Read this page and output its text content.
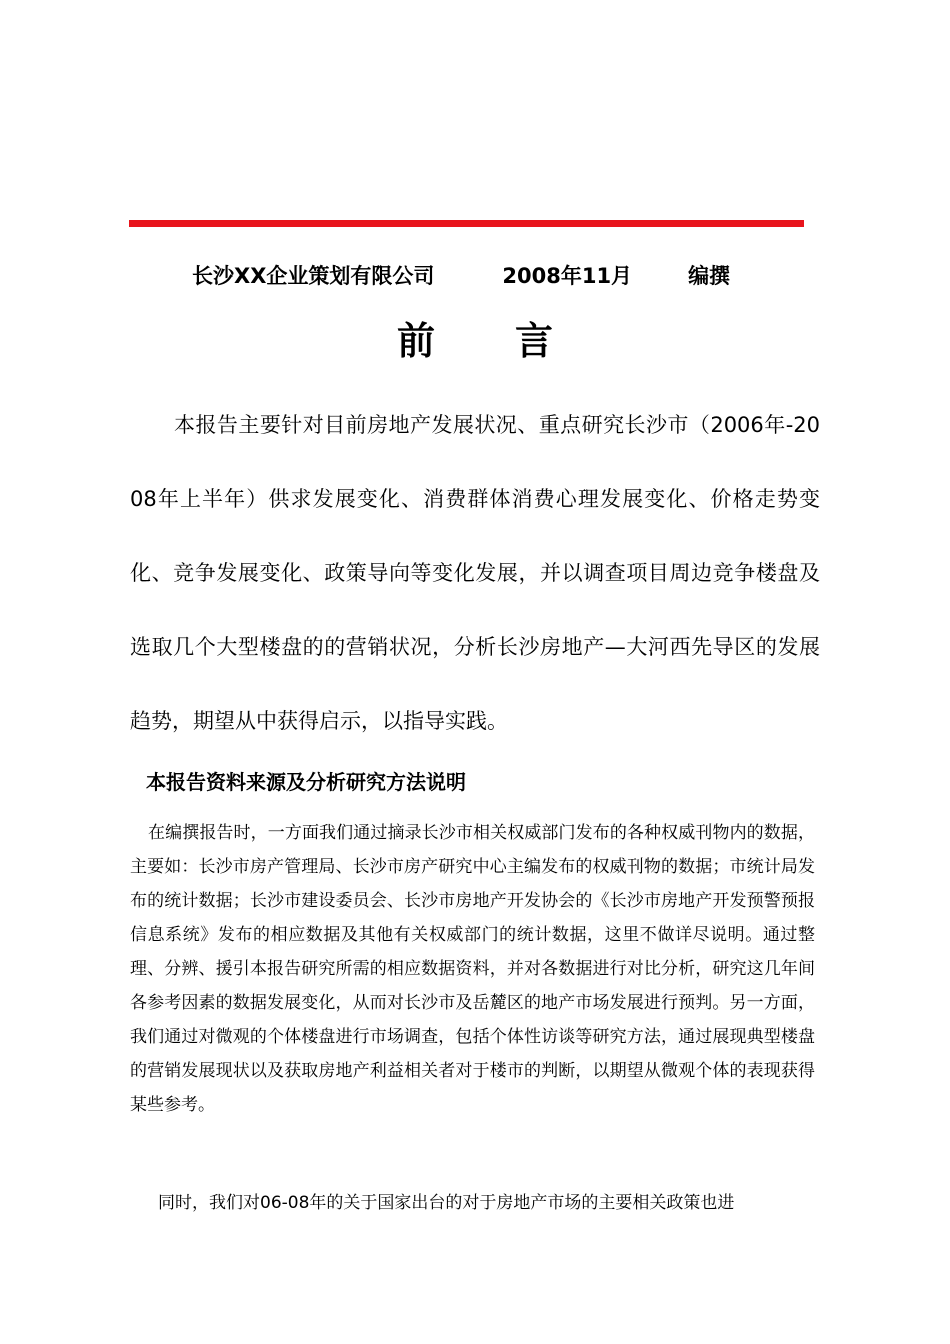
长沙XX企业策划有限公司	2008年11月	编撰
前言

本报告主要针对目前房地产发展状况、重点研究长沙市（2006年-2008年上半年）供求发展变化、消费群体消费心理发展变化、价格走势变化、竞争发展变化、政策导向等变化发展，并以调查项目周边竞争楼盘及选取几个大型楼盘的的营销状况，分析长沙房地产—大河西先导区的发展趋势，期望从中获得启示，以指导实践。

本报告资料来源及分析研究方法说明

在编撰报告时，一方面我们通过摘录长沙市相关权威部门发布的各种权威刊物内的数据，主要如：长沙市房产管理局、长沙市房产研究中心主编发布的权威刊物的数据；市统计局发布的统计数据；长沙市建设委员会、长沙市房地产开发协会的《长沙市房地产开发预警预报信息系统》发布的相应数据及其他有关权威部门的统计数据，这里不做详尽说明。通过整理、分辨、援引本报告研究所需的相应数据资料，并对各数据进行对比分析，研究这几年间各参考因素的数据发展变化，从而对长沙市及岳麓区的地产市场发展进行预判。另一方面，我们通过对微观的个体楼盘进行市场调查，包括个体性访谈等研究方法，通过展现典型楼盘的营销发展现状以及获取房地产利益相关者对于楼市的判断，以期望从微观个体的表现获得某些参考。

同时，我们对06-08年的关于国家出台的对于房地产市场的主要相关政策也进
